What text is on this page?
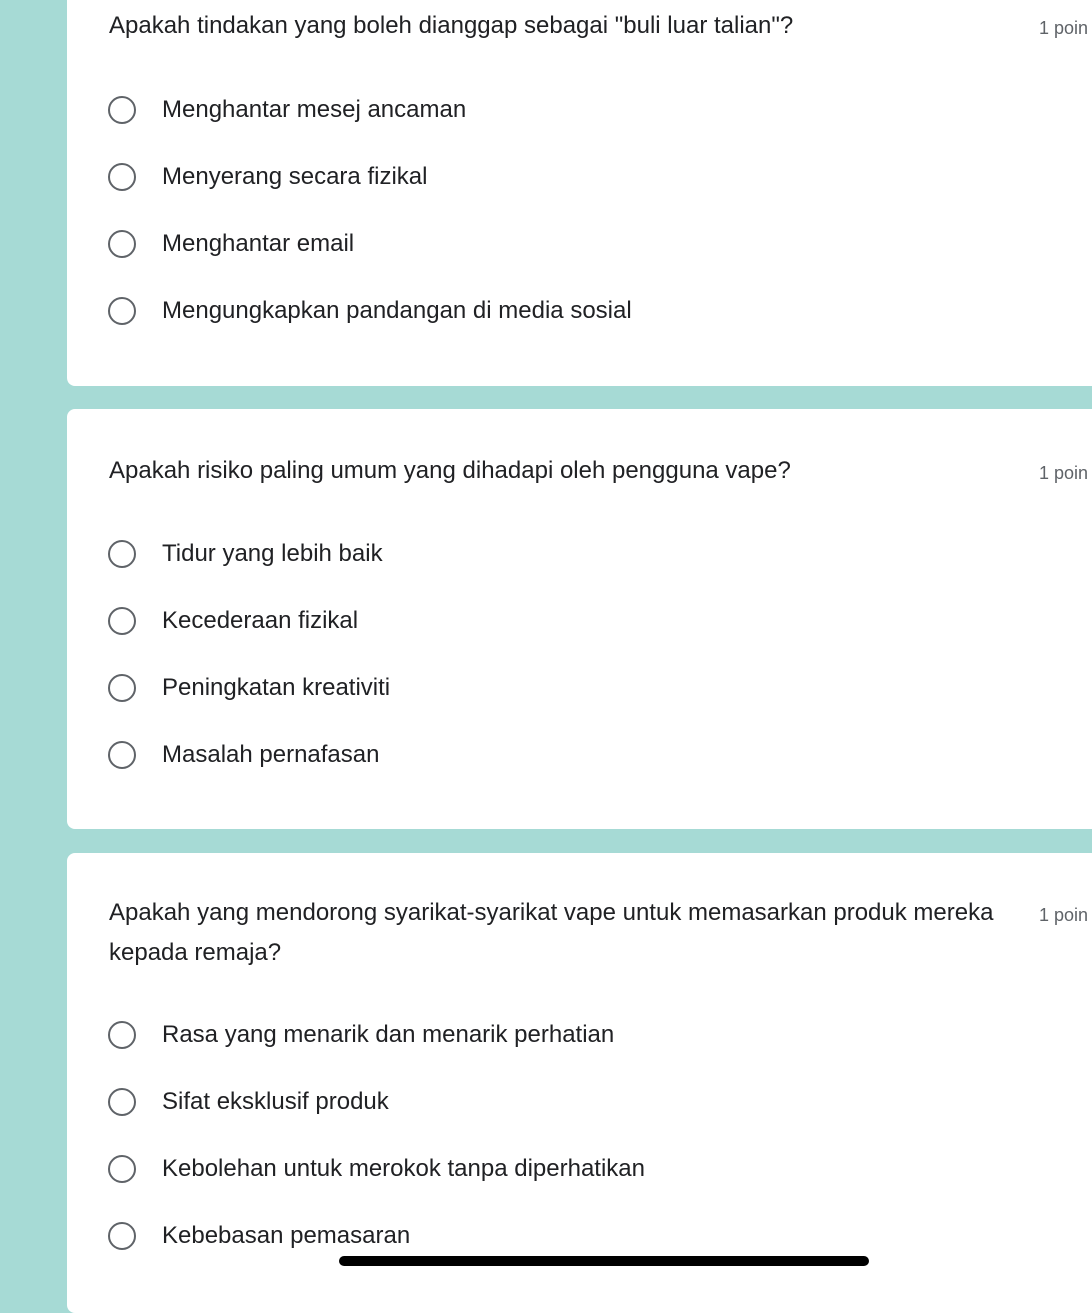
Apakah tindakan yang boleh dianggap sebagai "buli luar talian"?	1 poin
Menghantar mesej ancaman
Menyerang secara fizikal
Menghantar email
Mengungkapkan pandangan di media sosial
Apakah risiko paling umum yang dihadapi oleh pengguna vape?	1 poin
Tidur yang lebih baik
Kecederaan fizikal
Peningkatan kreativiti
Masalah pernafasan
Apakah yang mendorong syarikat-syarikat vape untuk memasarkan produk mereka kepada remaja?
1 poin
Rasa yang menarik dan menarik perhatian
Sifat eksklusif produk
Kebolehan untuk merokok tanpa diperhatikan
Kebebasan pemasaran
